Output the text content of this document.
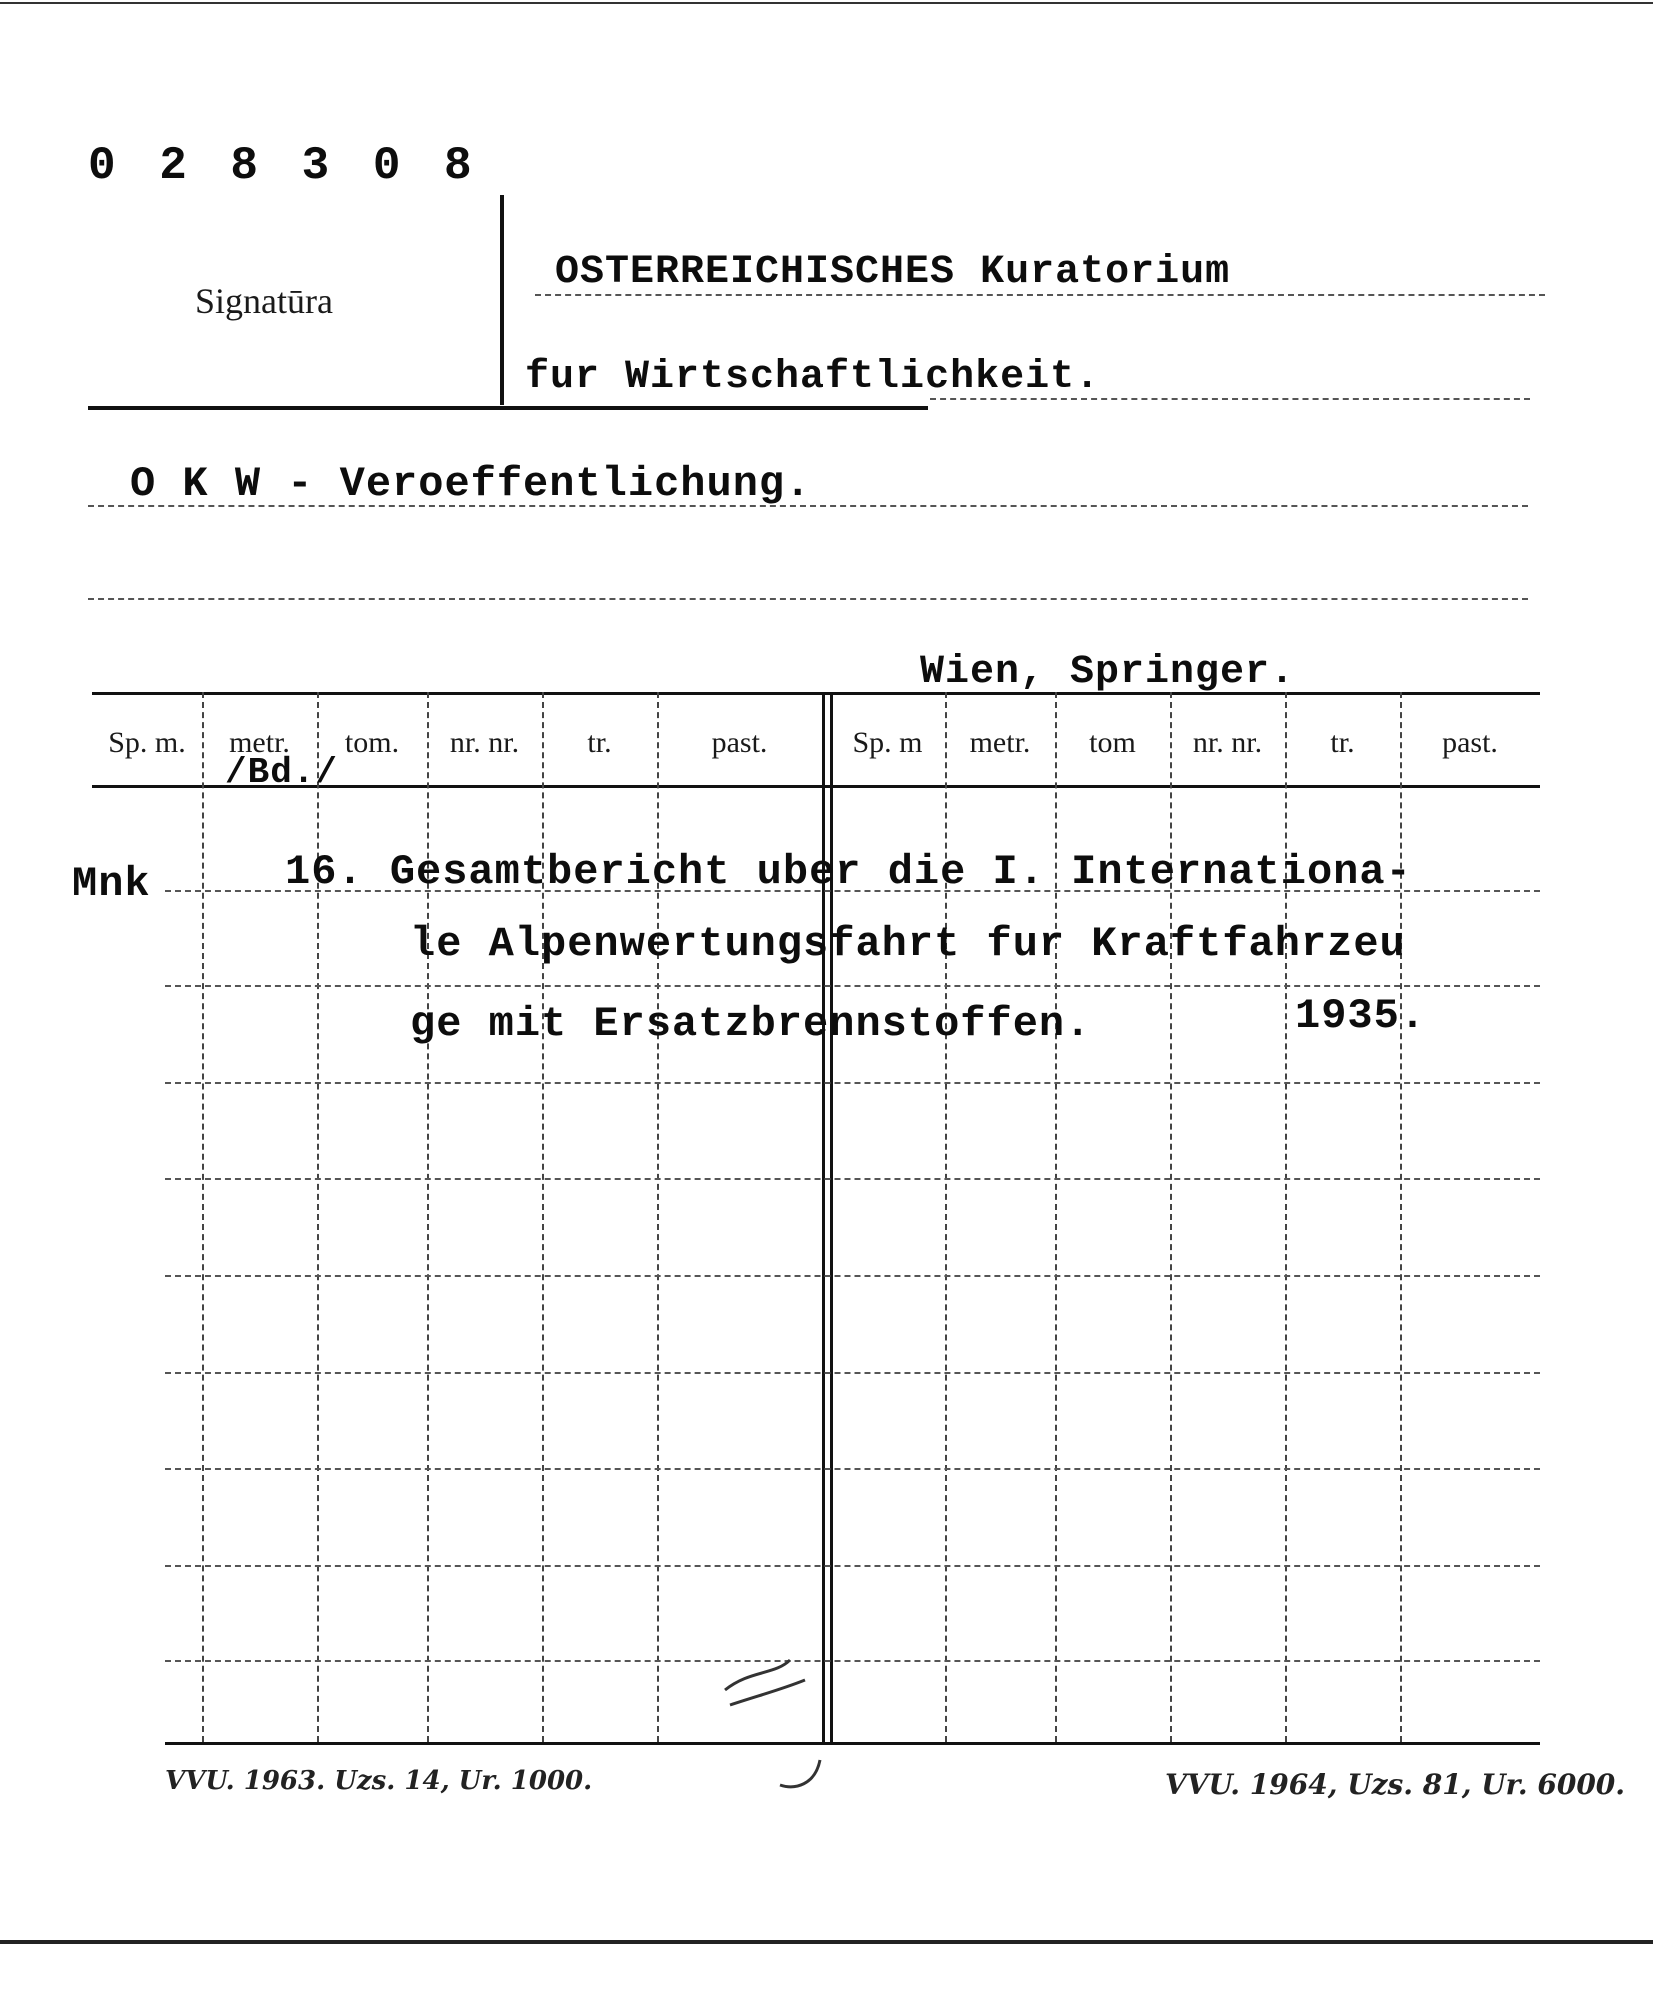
0 2 8 3 0 8
Signatūra
OSTERREICHISCHES Kuratorium
fur Wirtschaftlichkeit.
O K W - Veroeffentlichung.
Wien, Springer.
Sp. m.	metr.	tom.	nr. nr.	tr.	past.	Sp. m	metr.	tom	nr. nr.	tr.	past.
/Bd./
Mnk	16. Gesamtbericht uber die I. Internationa-
le Alpenwertungsfahrt fur Kraftfahrzeu
ge mit Ersatzbrennstoffen.	1935.
VVU. 1963. Uzs. 14, Ur. 1000.	VVU. 1964, Uzs. 81, Ur. 6000.
